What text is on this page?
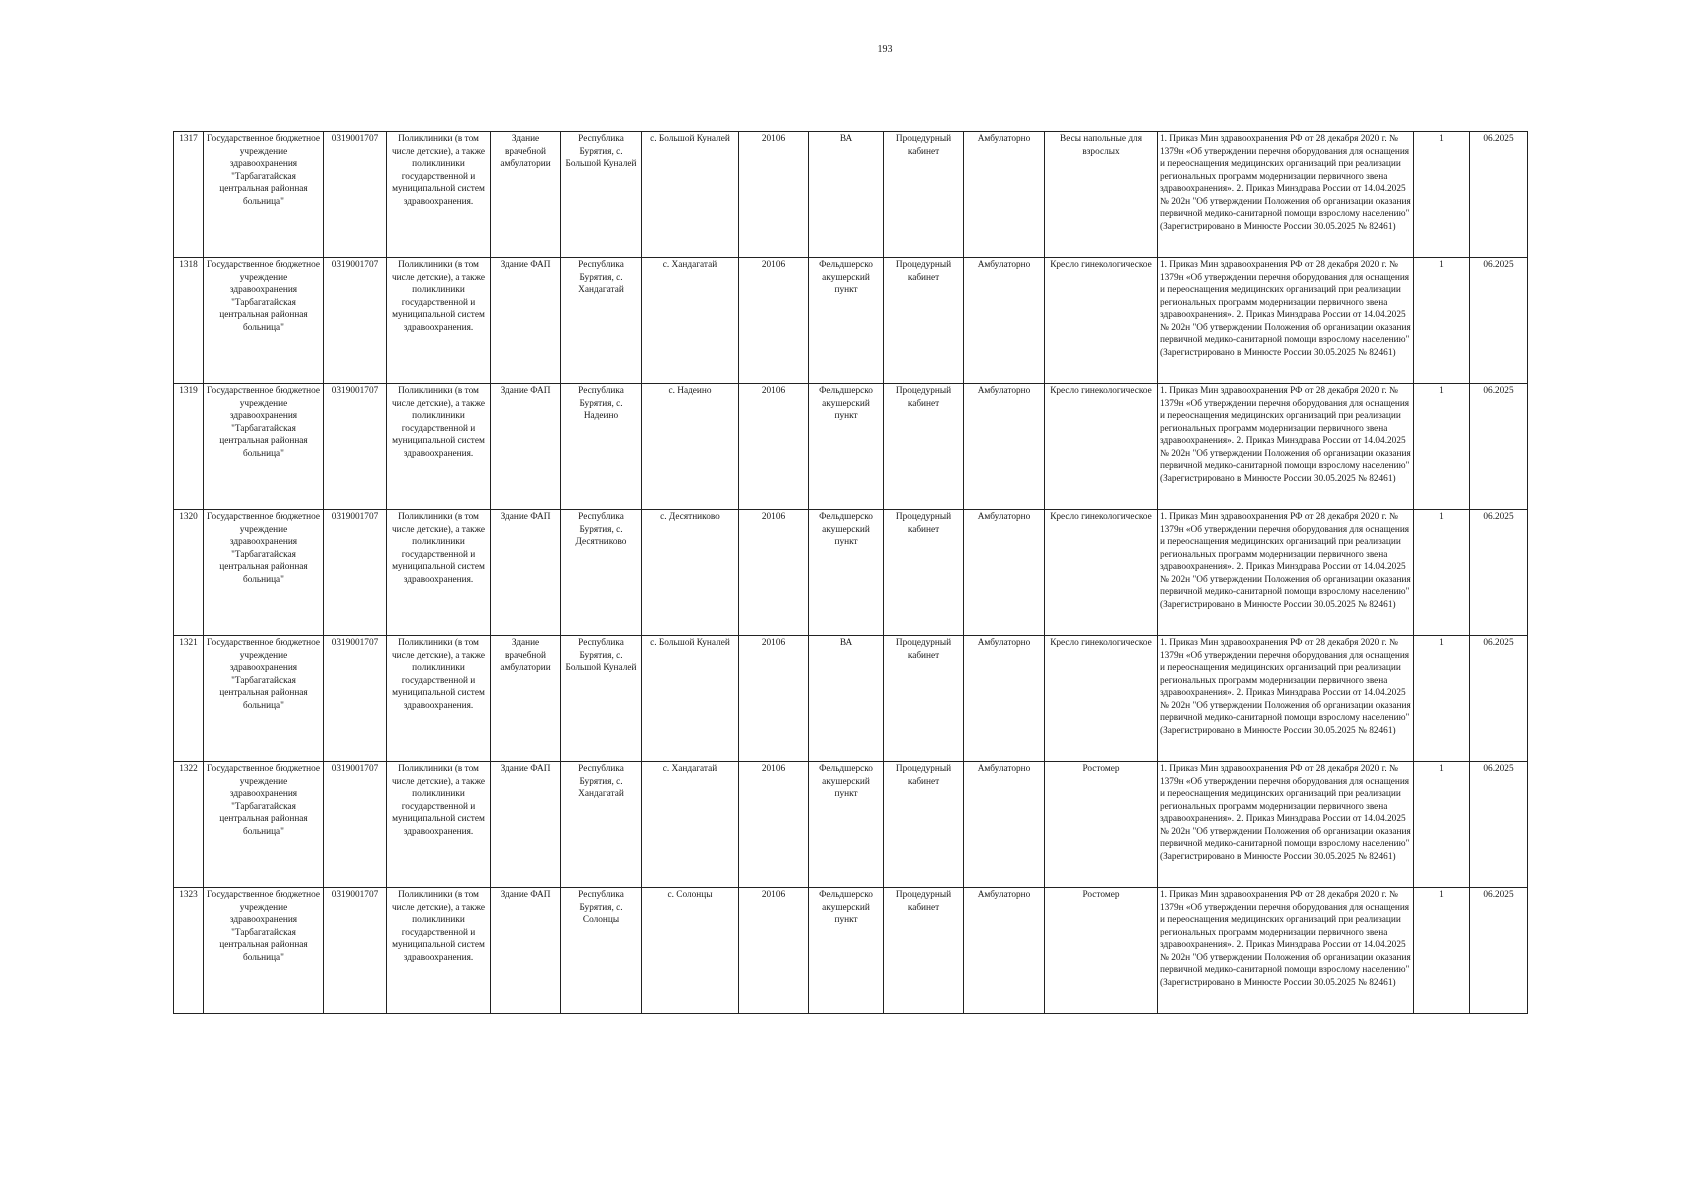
193
1317	Государственное бюджетное учреждение здравоохранения "Тарбагатайская центральная районная больница"	0319001707	Поликлиники (в том числе детские), а также поликлиники государственной и муниципальной систем здравоохранения.	Здание врачебной амбулатории	Республика Бурятия, с. Большой Куналей	с. Большой Куналей	20106	ВА	Процедурный кабинет	Амбулаторно	Весы напольные для взрослых	1. Приказ Мин здравоохранения РФ от 28 декабря 2020 г. № 1379н «Об утверждении перечня оборудования для оснащения и переоснащения медицинских организаций при реализации региональных программ модернизации первичного звена здравоохранения». 2. Приказ Минздрава России от 14.04.2025 № 202н "Об утверждении Положения об организации оказания первичной медико-санитарной помощи взрослому населению" (Зарегистрировано в Минюсте России 30.05.2025 № 82461)	1	06.2025
1318	Государственное бюджетное учреждение здравоохранения "Тарбагатайская центральная районная больница"	0319001707	Поликлиники (в том числе детские), а также поликлиники государственной и муниципальной систем здравоохранения.	Здание ФАП	Республика Бурятия, с. Хандагатай	с. Хандагатай	20106	Фельдшерско акушерский пункт	Процедурный кабинет	Амбулаторно	Кресло гинекологическое	1. Приказ Мин здравоохранения РФ от 28 декабря 2020 г. № 1379н «Об утверждении перечня оборудования для оснащения и переоснащения медицинских организаций при реализации региональных программ модернизации первичного звена здравоохранения». 2. Приказ Минздрава России от 14.04.2025 № 202н "Об утверждении Положения об организации оказания первичной медико-санитарной помощи взрослому населению" (Зарегистрировано в Минюсте России 30.05.2025 № 82461)	1	06.2025
1319	Государственное бюджетное учреждение здравоохранения "Тарбагатайская центральная районная больница"	0319001707	Поликлиники (в том числе детские), а также поликлиники государственной и муниципальной систем здравоохранения.	Здание ФАП	Республика Бурятия, с. Надеино	с. Надеино	20106	Фельдшерско акушерский пункт	Процедурный кабинет	Амбулаторно	Кресло гинекологическое	1. Приказ Мин здравоохранения РФ от 28 декабря 2020 г. № 1379н «Об утверждении перечня оборудования для оснащения и переоснащения медицинских организаций при реализации региональных программ модернизации первичного звена здравоохранения». 2. Приказ Минздрава России от 14.04.2025 № 202н "Об утверждении Положения об организации оказания первичной медико-санитарной помощи взрослому населению" (Зарегистрировано в Минюсте России 30.05.2025 № 82461)	1	06.2025
1320	Государственное бюджетное учреждение здравоохранения "Тарбагатайская центральная районная больница"	0319001707	Поликлиники (в том числе детские), а также поликлиники государственной и муниципальной систем здравоохранения.	Здание ФАП	Республика Бурятия, с. Десятниково	с. Десятниково	20106	Фельдшерско акушерский пункт	Процедурный кабинет	Амбулаторно	Кресло гинекологическое	1. Приказ Мин здравоохранения РФ от 28 декабря 2020 г. № 1379н «Об утверждении перечня оборудования для оснащения и переоснащения медицинских организаций при реализации региональных программ модернизации первичного звена здравоохранения». 2. Приказ Минздрава России от 14.04.2025 № 202н "Об утверждении Положения об организации оказания первичной медико-санитарной помощи взрослому населению" (Зарегистрировано в Минюсте России 30.05.2025 № 82461)	1	06.2025
1321	Государственное бюджетное учреждение здравоохранения "Тарбагатайская центральная районная больница"	0319001707	Поликлиники (в том числе детские), а также поликлиники государственной и муниципальной систем здравоохранения.	Здание врачебной амбулатории	Республика Бурятия, с. Большой Куналей	с. Большой Куналей	20106	ВА	Процедурный кабинет	Амбулаторно	Кресло гинекологическое	1. Приказ Мин здравоохранения РФ от 28 декабря 2020 г. № 1379н «Об утверждении перечня оборудования для оснащения и переоснащения медицинских организаций при реализации региональных программ модернизации первичного звена здравоохранения». 2. Приказ Минздрава России от 14.04.2025 № 202н "Об утверждении Положения об организации оказания первичной медико-санитарной помощи взрослому населению" (Зарегистрировано в Минюсте России 30.05.2025 № 82461)	1	06.2025
1322	Государственное бюджетное учреждение здравоохранения "Тарбагатайская центральная районная больница"	0319001707	Поликлиники (в том числе детские), а также поликлиники государственной и муниципальной систем здравоохранения.	Здание ФАП	Республика Бурятия, с. Хандагатай	с. Хандагатай	20106	Фельдшерско акушерский пункт	Процедурный кабинет	Амбулаторно	Ростомер	1. Приказ Мин здравоохранения РФ от 28 декабря 2020 г. № 1379н «Об утверждении перечня оборудования для оснащения и переоснащения медицинских организаций при реализации региональных программ модернизации первичного звена здравоохранения». 2. Приказ Минздрава России от 14.04.2025 № 202н "Об утверждении Положения об организации оказания первичной медико-санитарной помощи взрослому населению" (Зарегистрировано в Минюсте России 30.05.2025 № 82461)	1	06.2025
1323	Государственное бюджетное учреждение здравоохранения "Тарбагатайская центральная районная больница"	0319001707	Поликлиники (в том числе детские), а также поликлиники государственной и муниципальной систем здравоохранения.	Здание ФАП	Республика Бурятия, с. Солонцы	с. Солонцы	20106	Фельдшерско акушерский пункт	Процедурный кабинет	Амбулаторно	Ростомер	1. Приказ Мин здравоохранения РФ от 28 декабря 2020 г. № 1379н «Об утверждении перечня оборудования для оснащения и переоснащения медицинских организаций при реализации региональных программ модернизации первичного звена здравоохранения». 2. Приказ Минздрава России от 14.04.2025 № 202н "Об утверждении Положения об организации оказания первичной медико-санитарной помощи взрослому населению" (Зарегистрировано в Минюсте России 30.05.2025 № 82461)	1	06.2025
